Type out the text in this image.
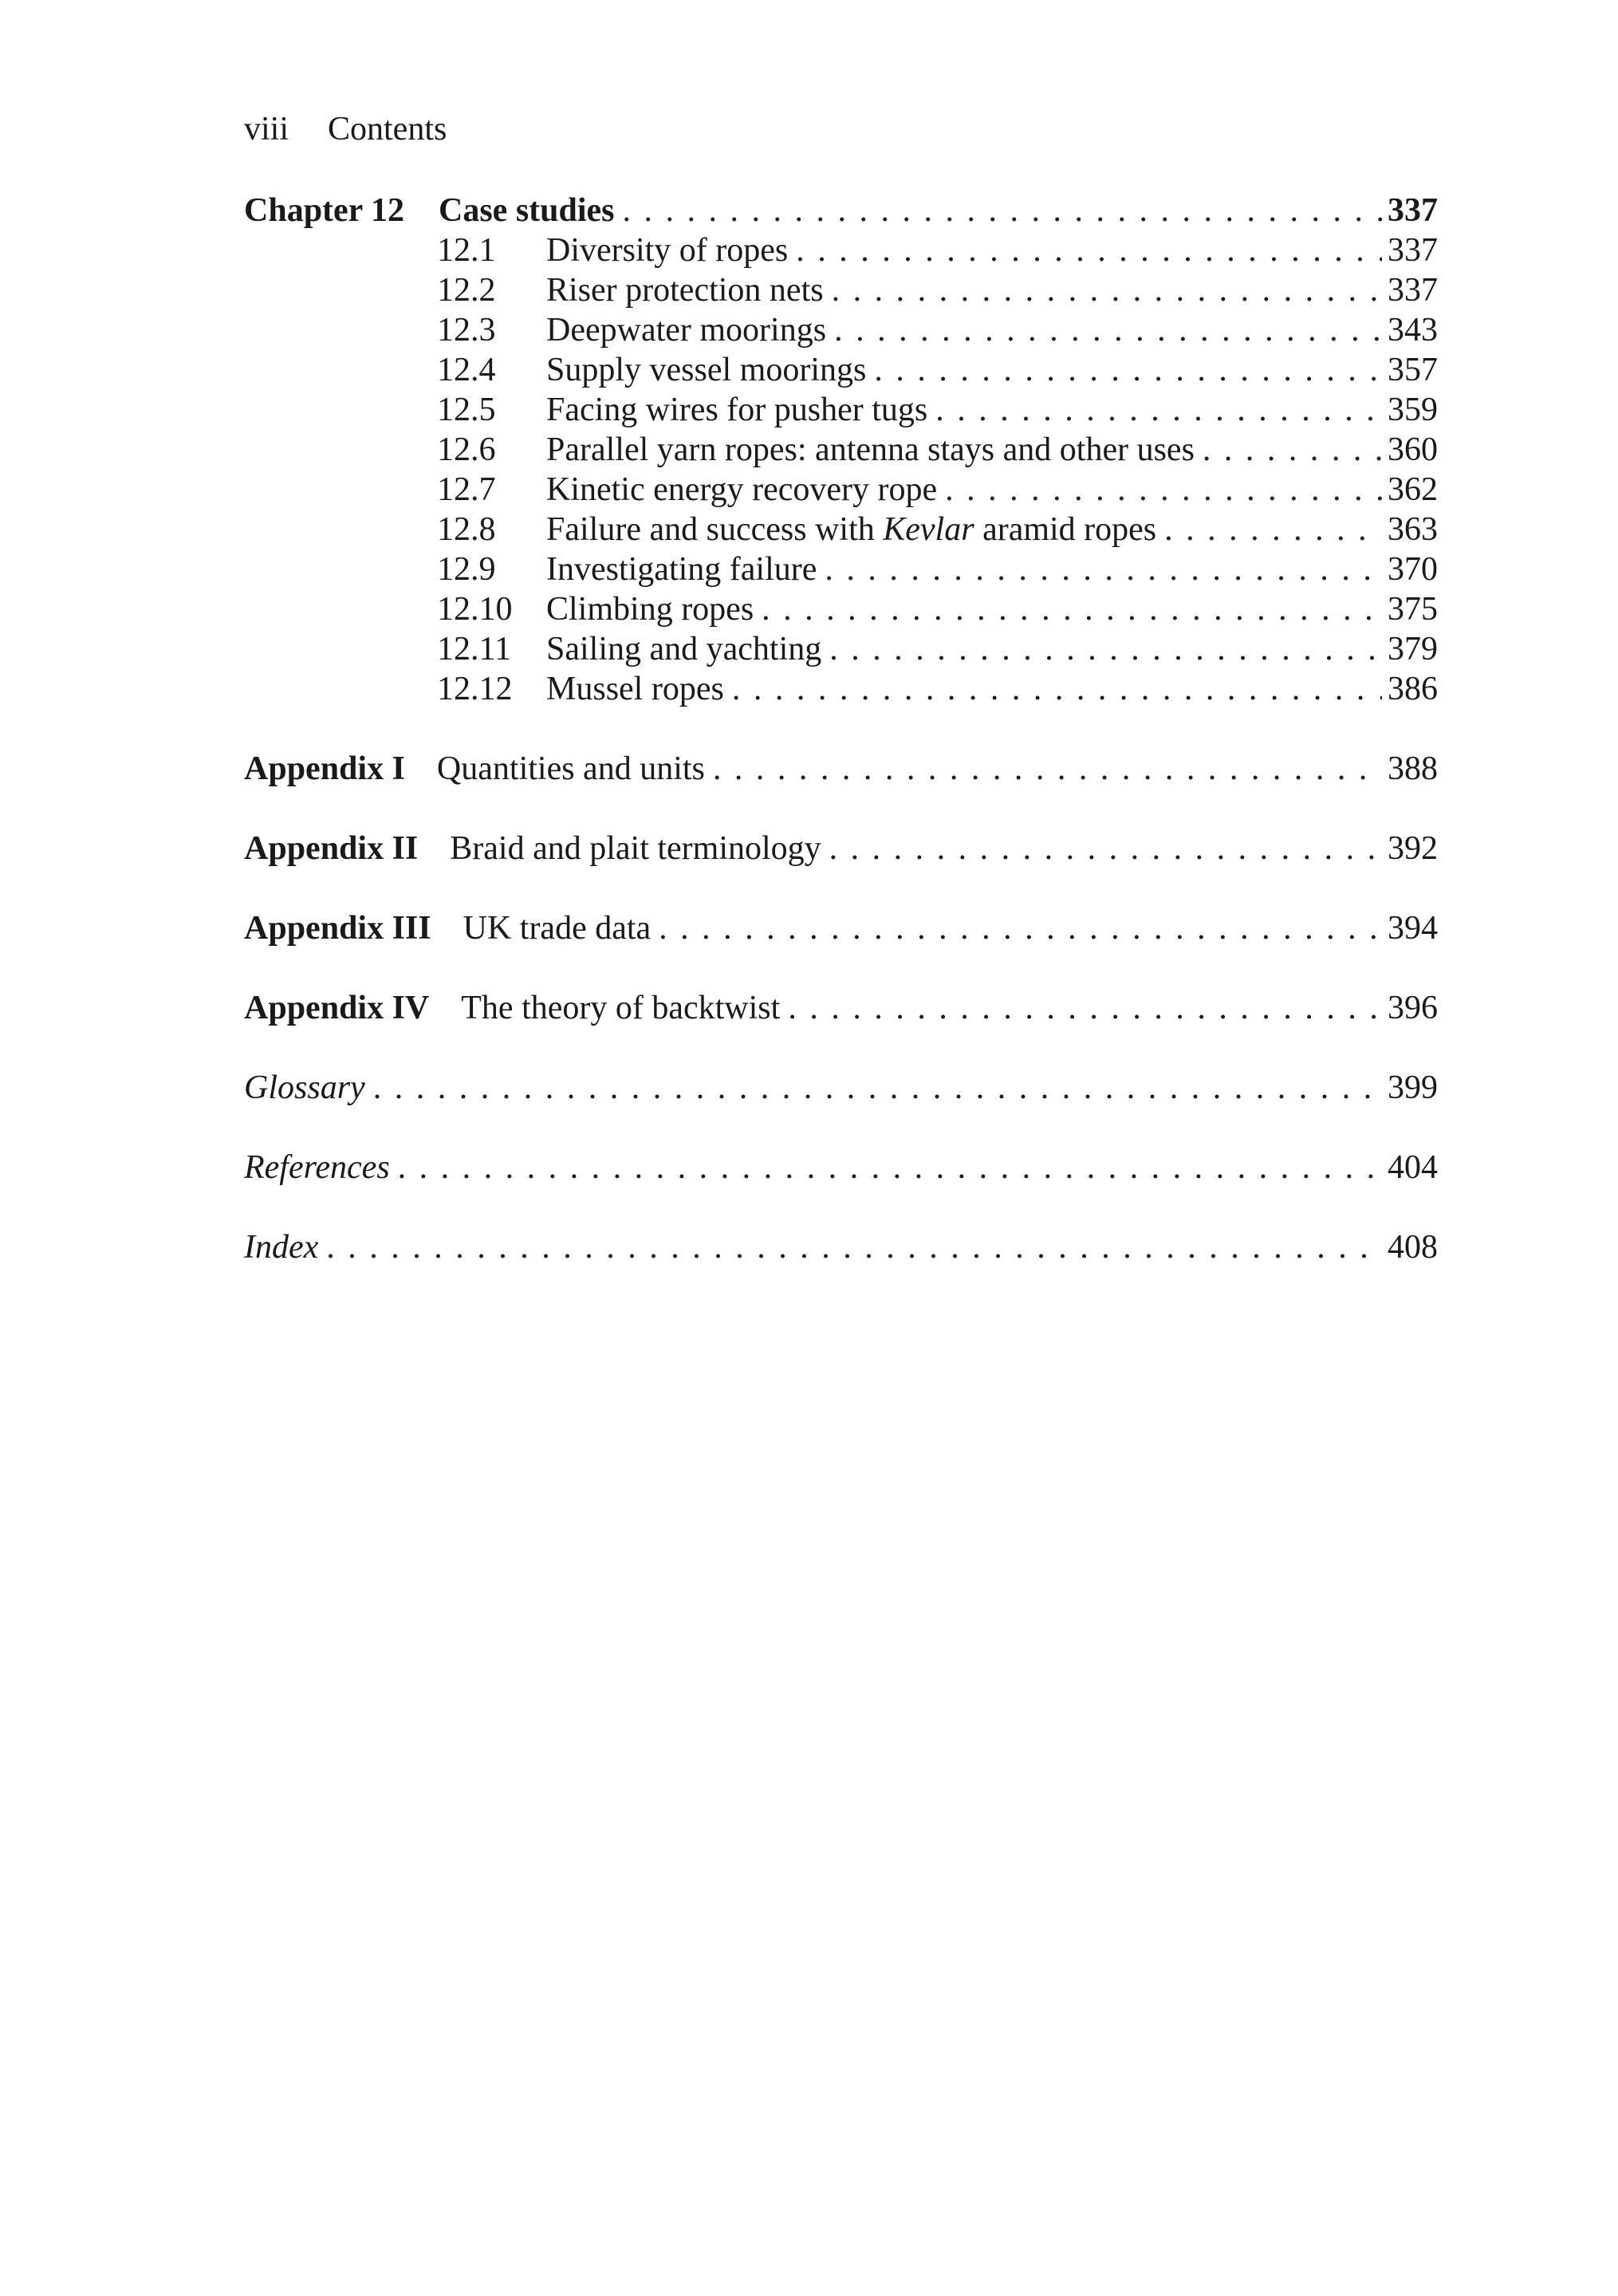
viii Contents
Chapter 12	Case studies . . .	337
12.1	Diversity of ropes . . .	337
12.2	Riser protection nets . . .	337
12.3	Deepwater moorings . . .	343
12.4	Supply vessel moorings . . .	357
12.5	Facing wires for pusher tugs . . .	359
12.6	Parallel yarn ropes: antenna stays and other uses . . .	360
12.7	Kinetic energy recovery rope . . .	362
12.8	Failure and success with Kevlar aramid ropes . . .	363
12.9	Investigating failure . . .	370
12.10	Climbing ropes . . .	375
12.11	Sailing and yachting . . .	379
12.12	Mussel ropes . . .	386
Appendix I Quantities and units . . .	388
Appendix II Braid and plait terminology . . .	392
Appendix III UK trade data . . .	394
Appendix IV The theory of backtwist . . .	396
Glossary . . .	399
References . . .	404
Index . . .	408
